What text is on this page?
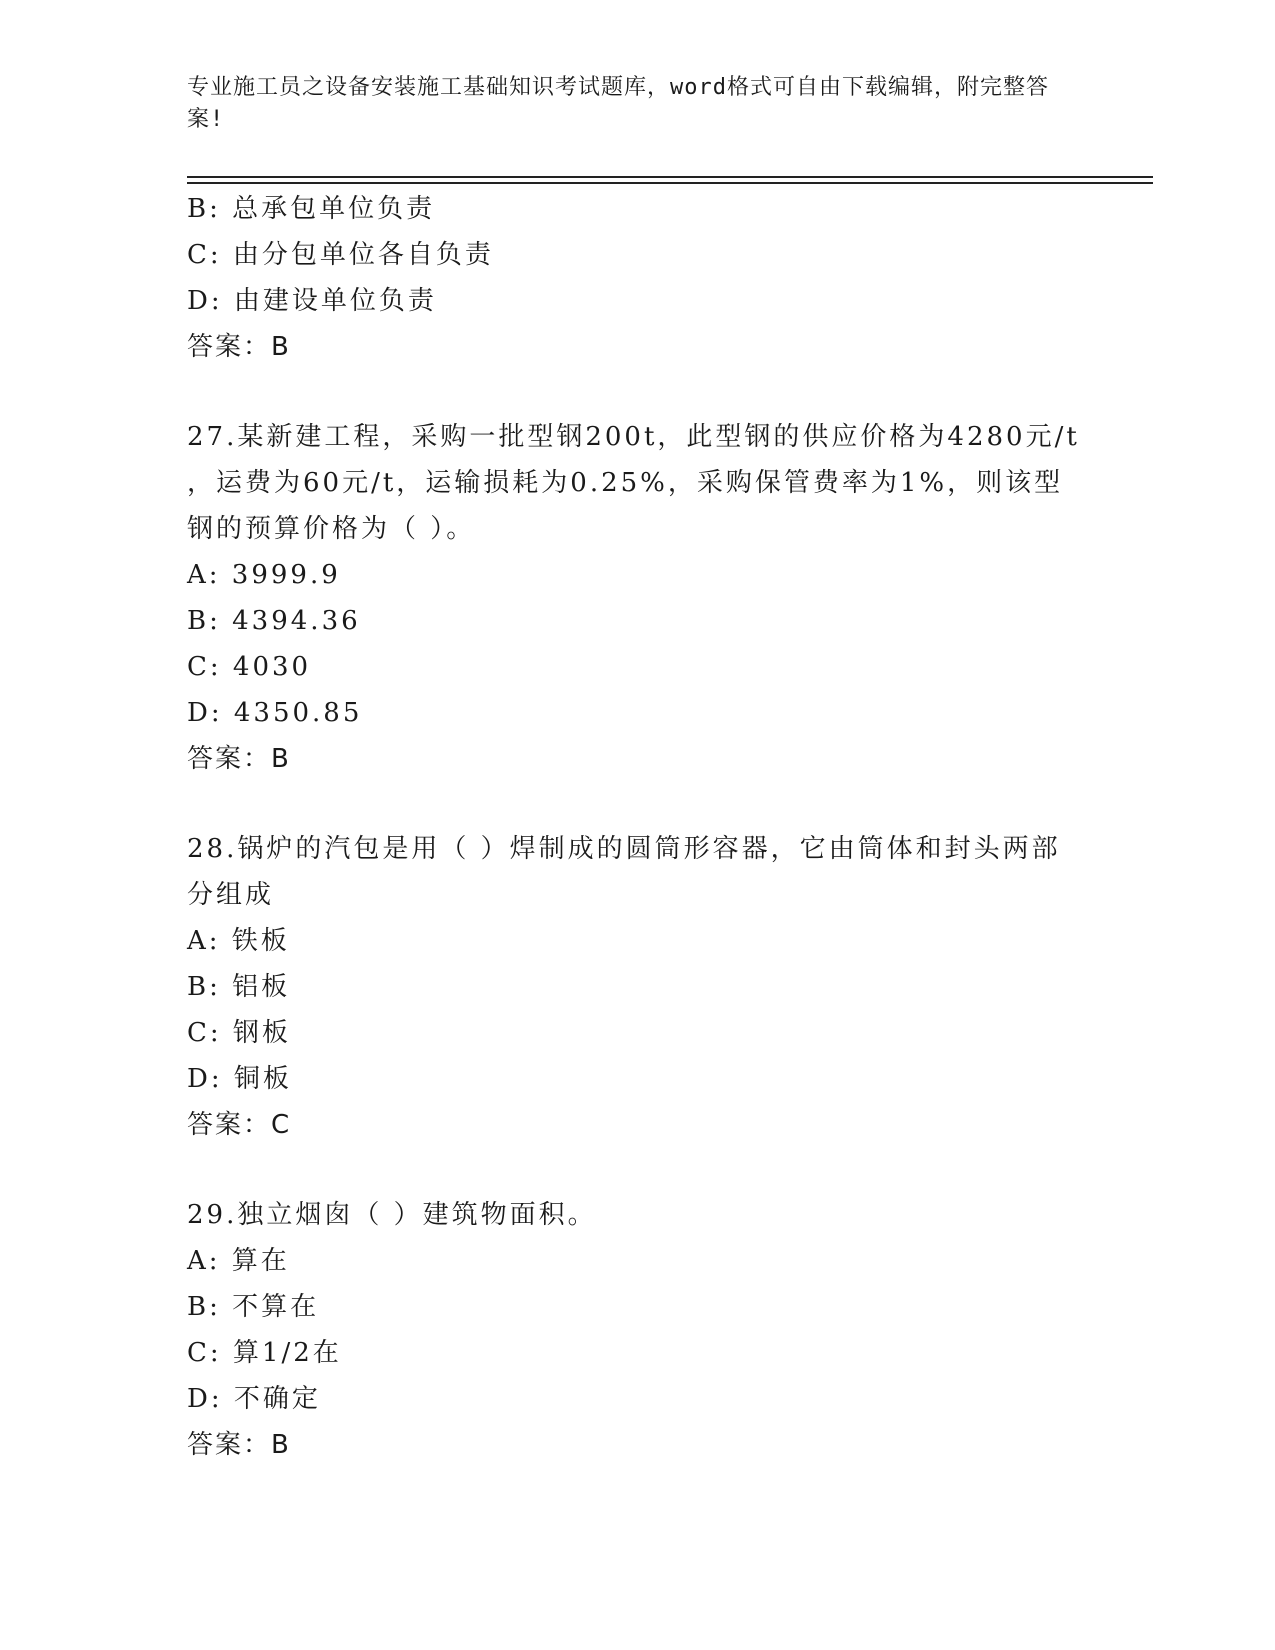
专业施工员之设备安装施工基础知识考试题库，word格式可自由下载编辑，附完整答案!
B: 总承包单位负责
C: 由分包单位各自负责
D: 由建设单位负责
答案：B
27.某新建工程，采购一批型钢200t，此型钢的供应价格为4280元/t
，运费为60元/t，运输损耗为0.25%，采购保管费率为1%，则该型
钢的预算价格为（ ）。
A: 3999.9
B: 4394.36
C: 4030
D: 4350.85
答案：B
28.锅炉的汽包是用（ ）焊制成的圆筒形容器，它由筒体和封头两部
分组成
A: 铁板
B: 铝板
C: 钢板
D: 铜板
答案：C
29.独立烟囱（ ）建筑物面积。
A: 算在
B: 不算在
C: 算1/2在
D: 不确定
答案：B
